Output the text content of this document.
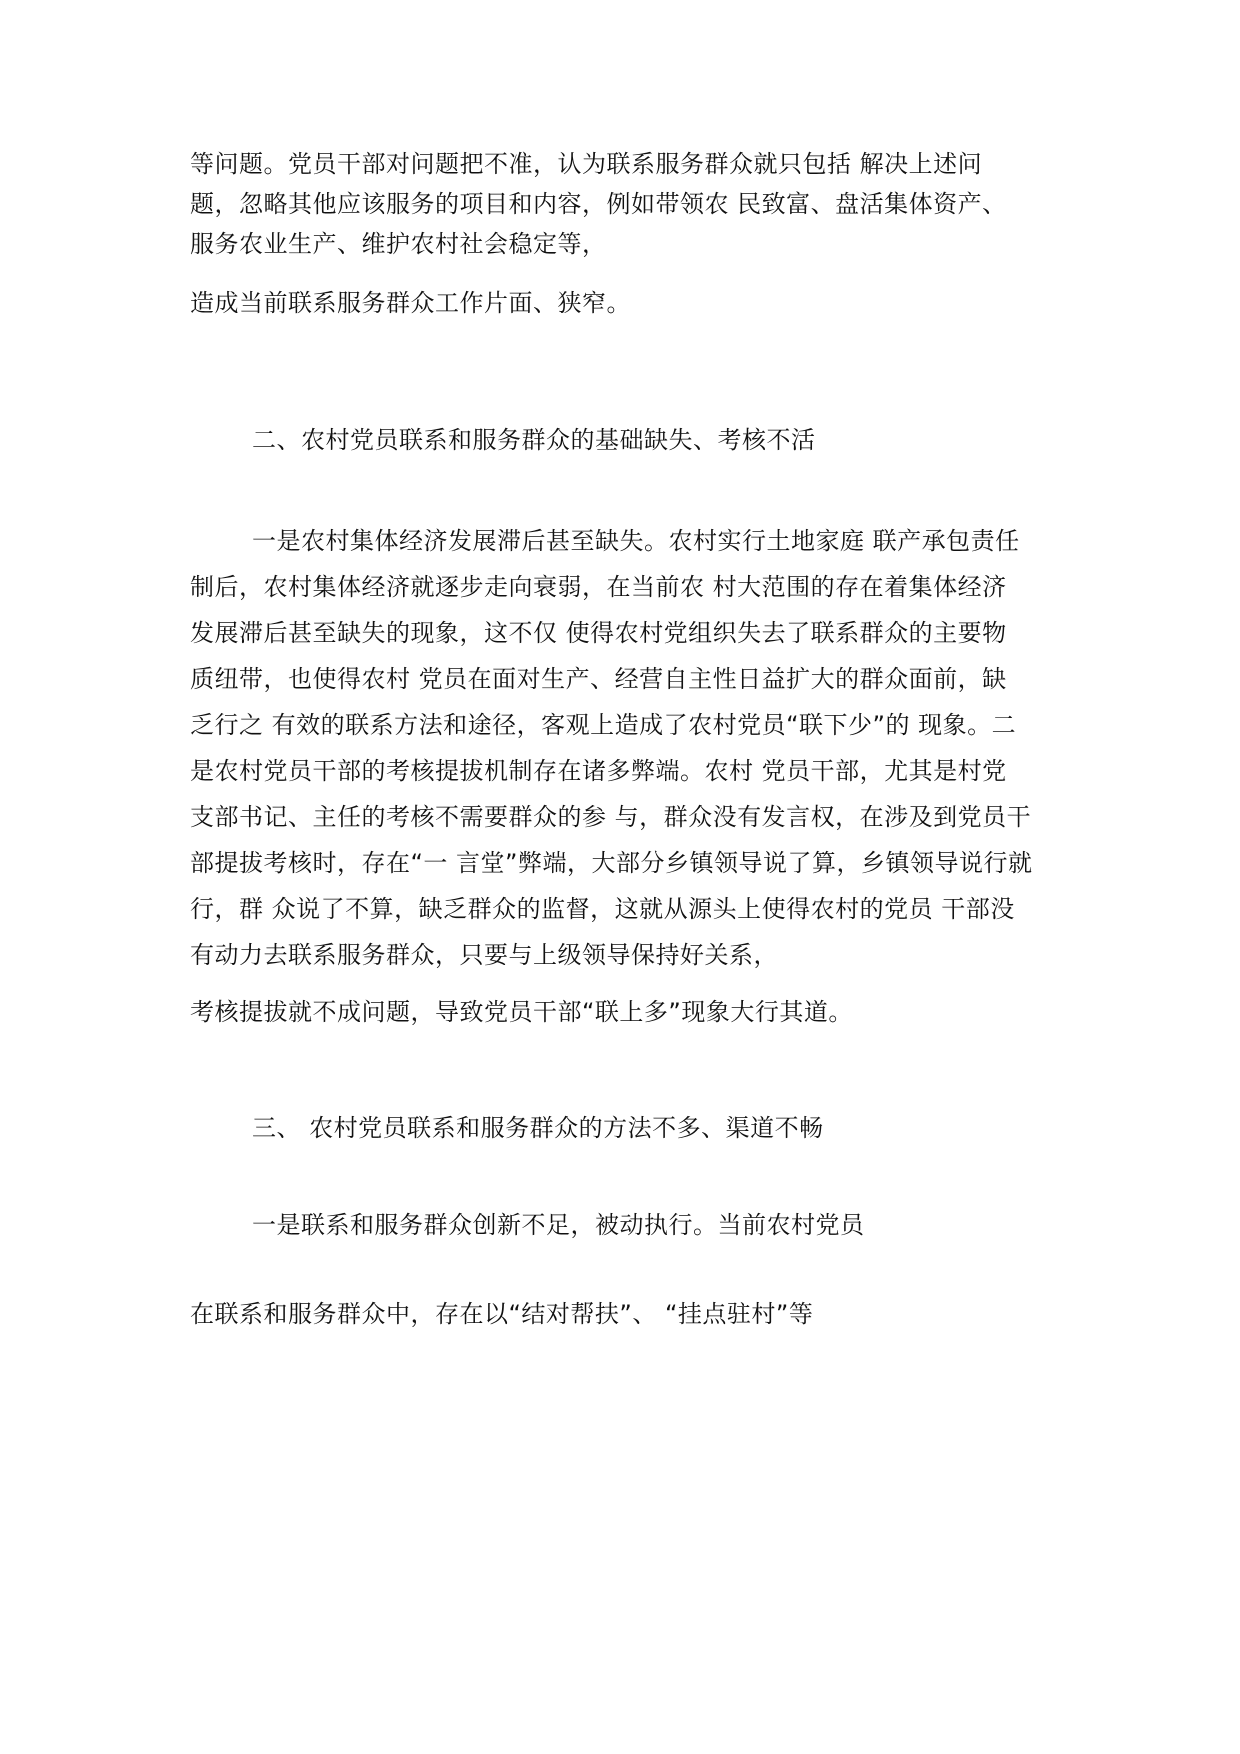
等问题。党员干部对问题把不准，认为联系服务群众就只包括 解决上述问
题，忽略其他应该服务的项目和内容，例如带领农 民致富、盘活集体资产、
服务农业生产、维护农村社会稳定等，
造成当前联系服务群众工作片面、狭窄。
二、农村党员联系和服务群众的基础缺失、考核不活
一是农村集体经济发展滞后甚至缺失。农村实行土地家庭 联产承包责任
制后，农村集体经济就逐步走向衰弱，在当前农 村大范围的存在着集体经济
发展滞后甚至缺失的现象，这不仅 使得农村党组织失去了联系群众的主要物
质纽带，也使得农村 党员在面对生产、经营自主性日益扩大的群众面前，缺
乏行之 有效的联系方法和途径，客观上造成了农村党员“联下少”的 现象。二
是农村党员干部的考核提拔机制存在诸多弊端。农村 党员干部，尤其是村党
支部书记、主任的考核不需要群众的参 与，群众没有发言权，在涉及到党员干
部提拔考核时，存在“一 言堂”弊端，大部分乡镇领导说了算，乡镇领导说行就
行，群 众说了不算，缺乏群众的监督，这就从源头上使得农村的党员 干部没
有动力去联系服务群众，只要与上级领导保持好关系，
考核提拔就不成问题，导致党员干部“联上多”现象大行其道。
三、 农村党员联系和服务群众的方法不多、渠道不畅
一是联系和服务群众创新不足，被动执行。当前农村党员
在联系和服务群众中，存在以“结对帮扶”、 “挂点驻村”等
